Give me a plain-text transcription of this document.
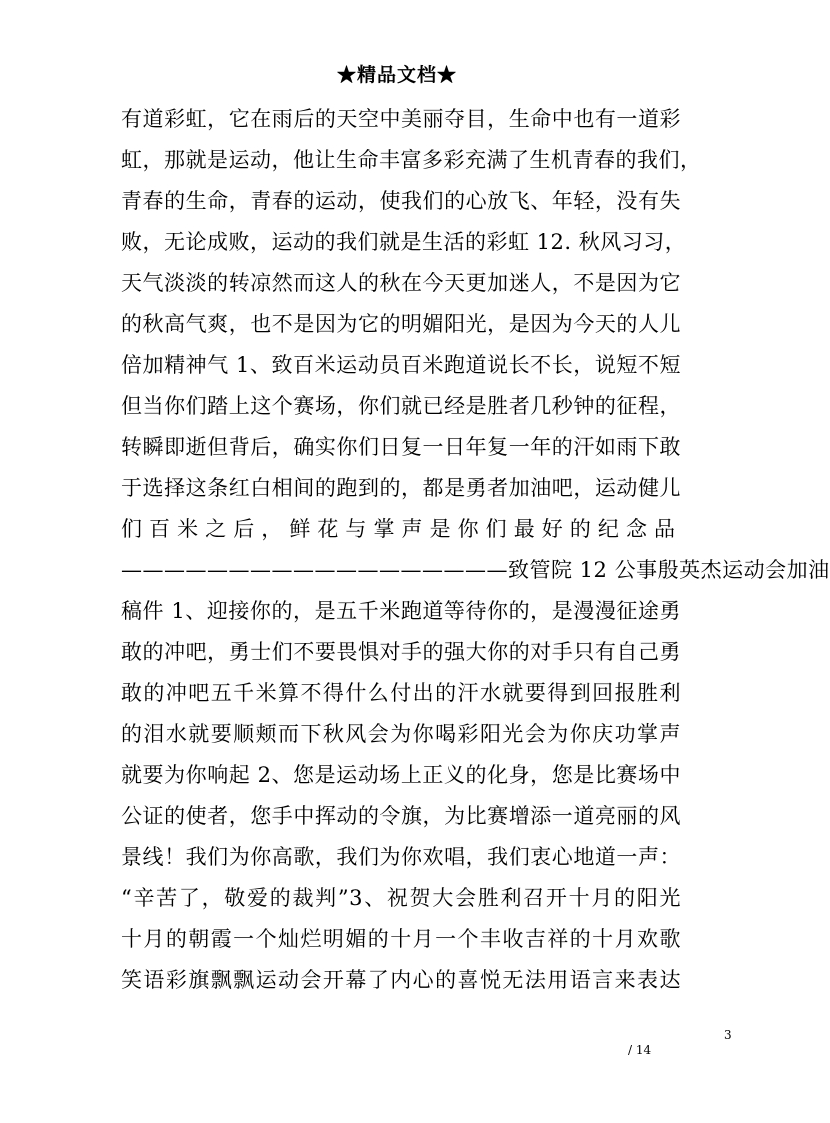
★精品文档★
有道彩虹，它在雨后的天空中美丽夺目，生命中也有一道彩
虹，那就是运动，他让生命丰富多彩充满了生机青春的我们，
青春的生命，青春的运动，使我们的心放飞、年轻，没有失
败，无论成败，运动的我们就是生活的彩虹 12. 秋风习习，
天气淡淡的转凉然而这人的秋在今天更加迷人，不是因为它
的秋高气爽，也不是因为它的明媚阳光，是因为今天的人儿
倍加精神气 1、致百米运动员百米跑道说长不长，说短不短
但当你们踏上这个赛场，你们就已经是胜者几秒钟的征程，
转瞬即逝但背后，确实你们日复一日年复一年的汗如雨下敢
于选择这条红白相间的跑到的，都是勇者加油吧，运动健儿
们百米之后，鲜花与掌声是你们最好的纪念品
——————————————————致管院 12 公事殷英杰运动会加油
稿件 1、迎接你的，是五千米跑道等待你的，是漫漫征途勇
敢的冲吧，勇士们不要畏惧对手的强大你的对手只有自己勇
敢的冲吧五千米算不得什么付出的汗水就要得到回报胜利
的泪水就要顺颊而下秋风会为你喝彩阳光会为你庆功掌声
就要为你响起 2、您是运动场上正义的化身，您是比赛场中
公证的使者，您手中挥动的令旗，为比赛增添一道亮丽的风
景线！我们为你高歌，我们为你欢唱，我们衷心地道一声：
“辛苦了，敬爱的裁判”3、祝贺大会胜利召开十月的阳光
十月的朝霞一个灿烂明媚的十月一个丰收吉祥的十月欢歌
笑语彩旗飘飘运动会开幕了内心的喜悦无法用语言来表达
3
/ 14
